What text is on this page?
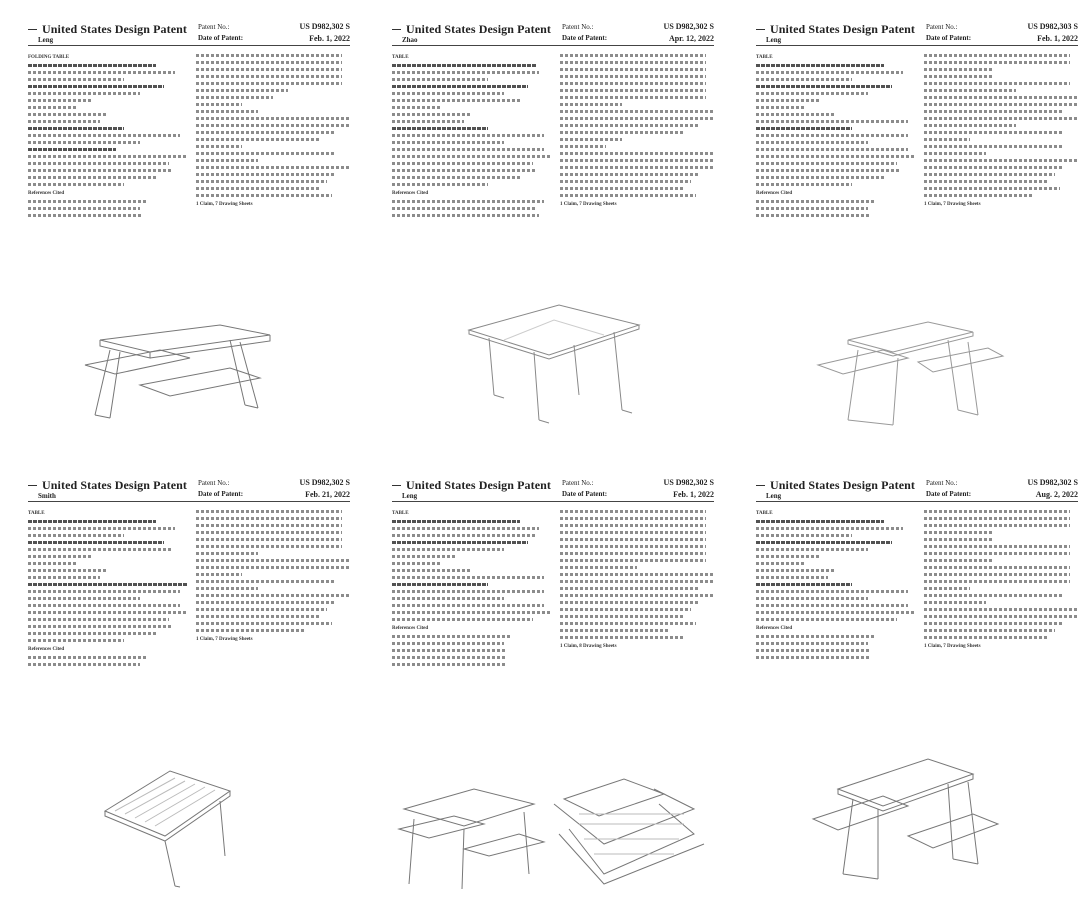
United States Design Patent
Leng
Patent No.:
Date of Patent:
US D982,302 S
Feb. 1, 2022
FOLDING TABLE
References Cited
1 Claim, 7 Drawing Sheets
United States Design Patent
Zhao
Patent No.:
Date of Patent:
US D982,302 S
Apr. 12, 2022
TABLE
References Cited
1 Claim, 7 Drawing Sheets
United States Design Patent
Leng
Patent No.:
Date of Patent:
US D982,303 S
Feb. 1, 2022
TABLE
References Cited
1 Claim, 7 Drawing Sheets
United States Design Patent
Smith
Patent No.:
Date of Patent:
US D982,302 S
Feb. 21, 2022
TABLE
References Cited
1 Claim, 7 Drawing Sheets
United States Design Patent
Leng
Patent No.:
Date of Patent:
US D982,302 S
Feb. 1, 2022
TABLE
References Cited
1 Claim, 8 Drawing Sheets
United States Design Patent
Leng
Patent No.:
Date of Patent:
US D982,302 S
Aug. 2, 2022
TABLE
References Cited
1 Claim, 7 Drawing Sheets
